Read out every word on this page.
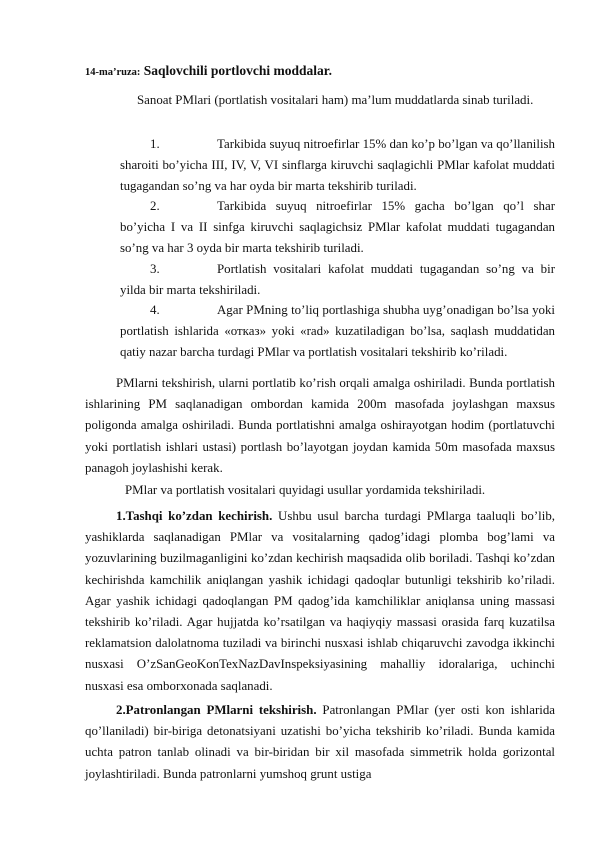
14-ma’ruza: Saqlovchili portlovchi moddalar.

Sanoat PMlari (portlatish vositalari ham) ma’lum muddatlarda sinab turiladi.

1.	Tarkibida suyuq nitroefirlar 15% dan ko’p bo’lgan va qo’llanilish sharoiti bo’yicha III, IV, V, VI sinflarga kiruvchi saqlagichli PMlar kafolat muddati tugagandan so’ng va har oyda bir marta tekshirib turiladi.

2.	Tarkibida suyuq nitroefirlar 15% gacha bo’lgan qo’l shar bo’yicha I va II sinfga kiruvchi saqlagichsiz PMlar kafolat muddati tugagandan so’ng va har 3 oyda bir marta tekshirib turiladi.

3.	Portlatish vositalari kafolat muddati tugagandan so’ng va bir yilda bir marta tekshiriladi.

4.	Agar PMning to’liq portlashiga shubha uyg’onadigan bo’lsa yoki portlatish ishlarida «отказ» yoki «rad» kuzatiladigan bo’lsa, saqlash muddatidan qatiy nazar barcha turdagi PMlar va portlatish vositalari tekshirib ko’riladi.

PMlarni tekshirish, ularni portlatib ko’rish orqali amalga oshiriladi. Bunda portlatish ishlarining PM saqlanadigan ombordan kamida 200m masofada joylashgan maxsus poligonda amalga oshiriladi. Bunda portlatishni amalga oshirayotgan hodim (portlatuvchi yoki portlatish ishlari ustasi) portlash bo’layotgan joydan kamida 50m masofada maxsus panagoh joylashishi kerak.

PMlar va portlatish vositalari quyidagi usullar yordamida tekshiriladi.

1.Tashqi ko’zdan kechirish. Ushbu usul barcha turdagi PMlarga taaluqli bo’lib, yashiklarda saqlanadigan PMlar va vositalarning qadog’idagi plomba bog’lami va yozuvlarining buzilmaganligini ko’zdan kechirish maqsadida olib boriladi. Tashqi ko’zdan kechirishda kamchilik aniqlangan yashik ichidagi qadoqlar butunligi tekshirib ko’riladi. Agar yashik ichidagi qadoqlangan PM qadog’ida kamchiliklar aniqlansa uning massasi tekshirib ko’riladi. Agar hujjatda ko’rsatilgan va haqiyqiy massasi orasida farq kuzatilsa reklamatsion dalolatnoma tuziladi va birinchi nusxasi ishlab chiqaruvchi zavodga ikkinchi nusxasi O’zSanGeoKonTexNazDavInspeksiyasining mahalliy idoralariga, uchinchi nusxasi esa omborxonada saqlanadi.

2.Patronlangan PMlarni tekshirish. Patronlangan PMlar (yer osti kon ishlarida qo’llaniladi) bir-biriga detonatsiyani uzatishi bo’yicha tekshirib ko’riladi. Bunda kamida uchta patron tanlab olinadi va bir-biridan bir xil masofada simmetrik holda gorizontal joylashtiriladi. Bunda patronlarni yumshoq grunt ustiga
